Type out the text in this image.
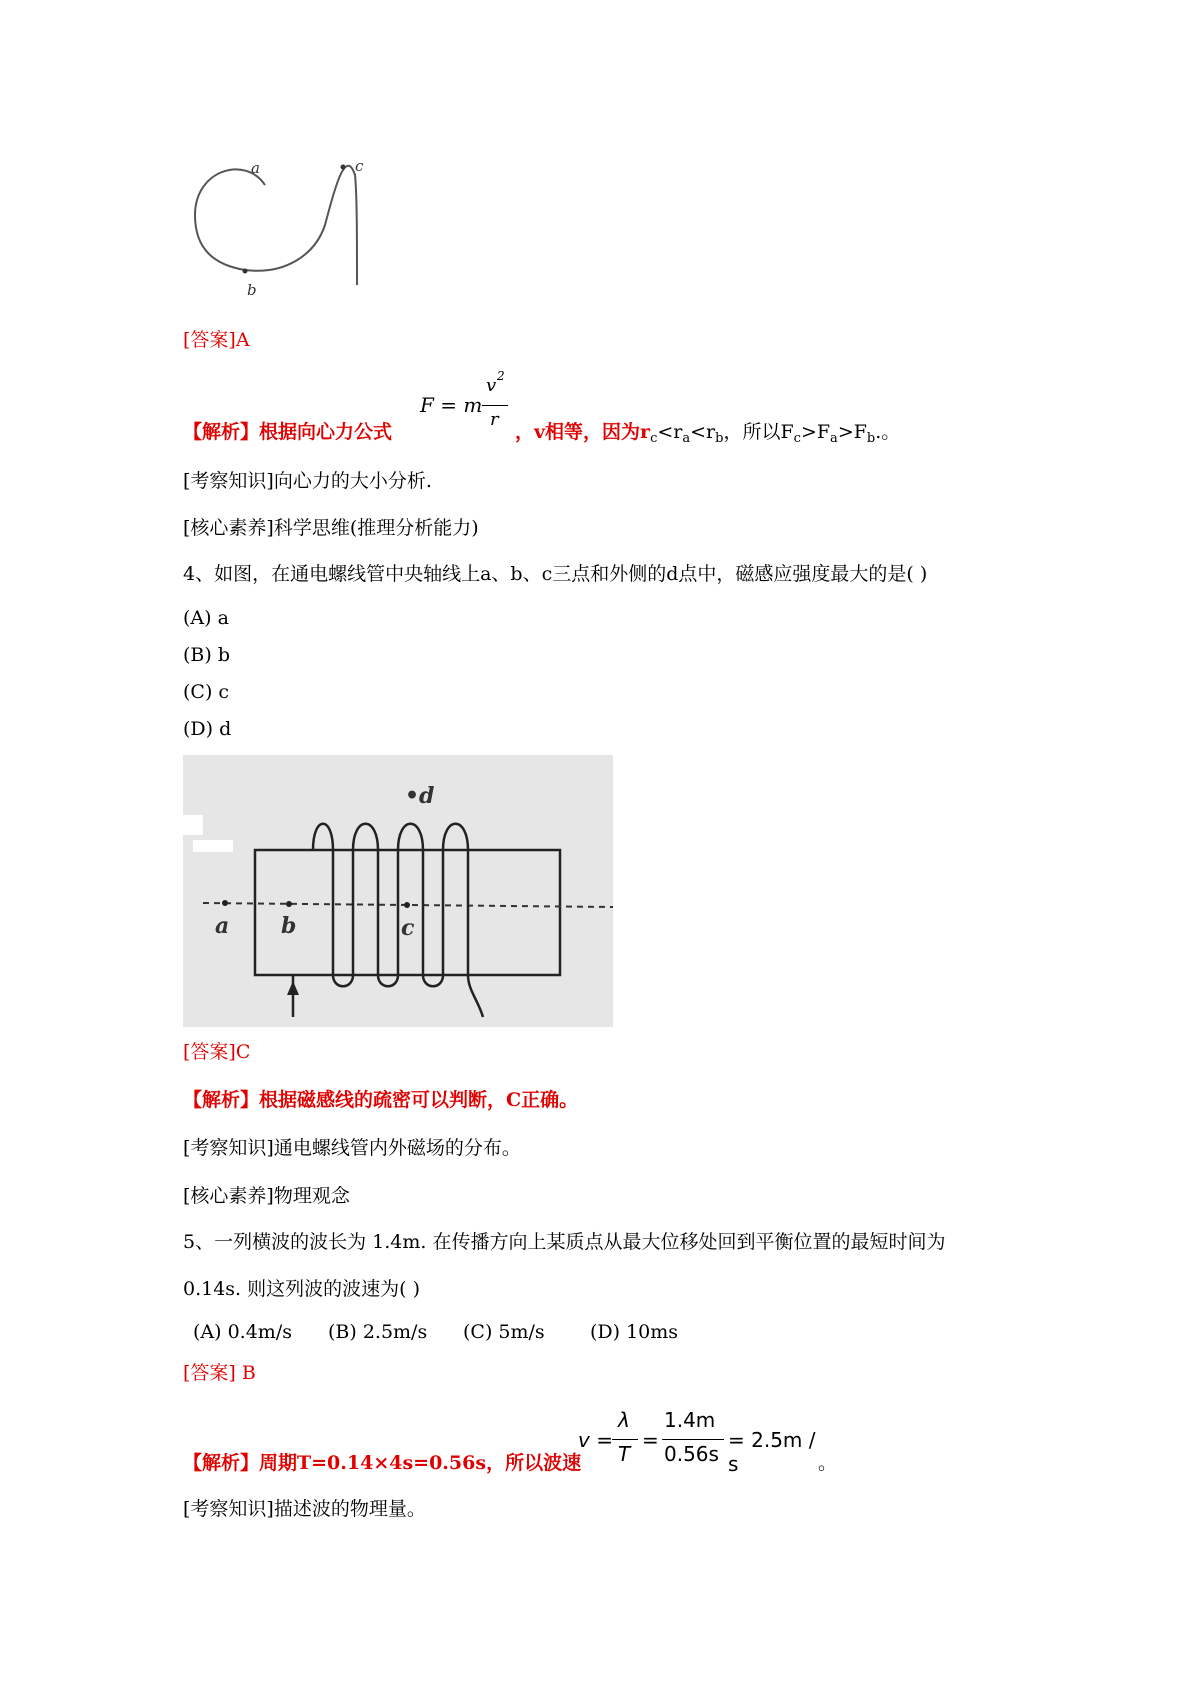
a
b
c
[答案]A
【解析】根据向心力公式
F = m
v 2
r
，v相等，因为$r_c<r_a<r_b$，所以$F_c>F_a>F_b$.。
[考察知识]向心力的大小分析.
[核心素养]科学思维(推理分析能力)
4、如图，在通电螺线管中央轴线上a、b、c三点和外侧的d点中，磁感应强度最大的是( )
(A) a
(B) b
(C) c
(D) d
a b	c
•d
[答案]C
【解析】根据磁感线的疏密可以判断，C正确。
[考察知识]通电螺线管内外磁场的分布。
[核心素养]物理观念
5、一列横波的波长为 1.4m. 在传播方向上某质点从最大位移处回到平衡位置的最短时间为
0.14s. 则这列波的波速为( )
(A) 0.4m/s (B) 2.5m/s (C) 5m/s (D) 10ms
[答案] B
【解析】周期T=0.14×4s=0.56s，所以波速
v =
λ
T
=
1.4m
0.56s
= 2.5m / s	。
[考察知识]描述波的物理量。
